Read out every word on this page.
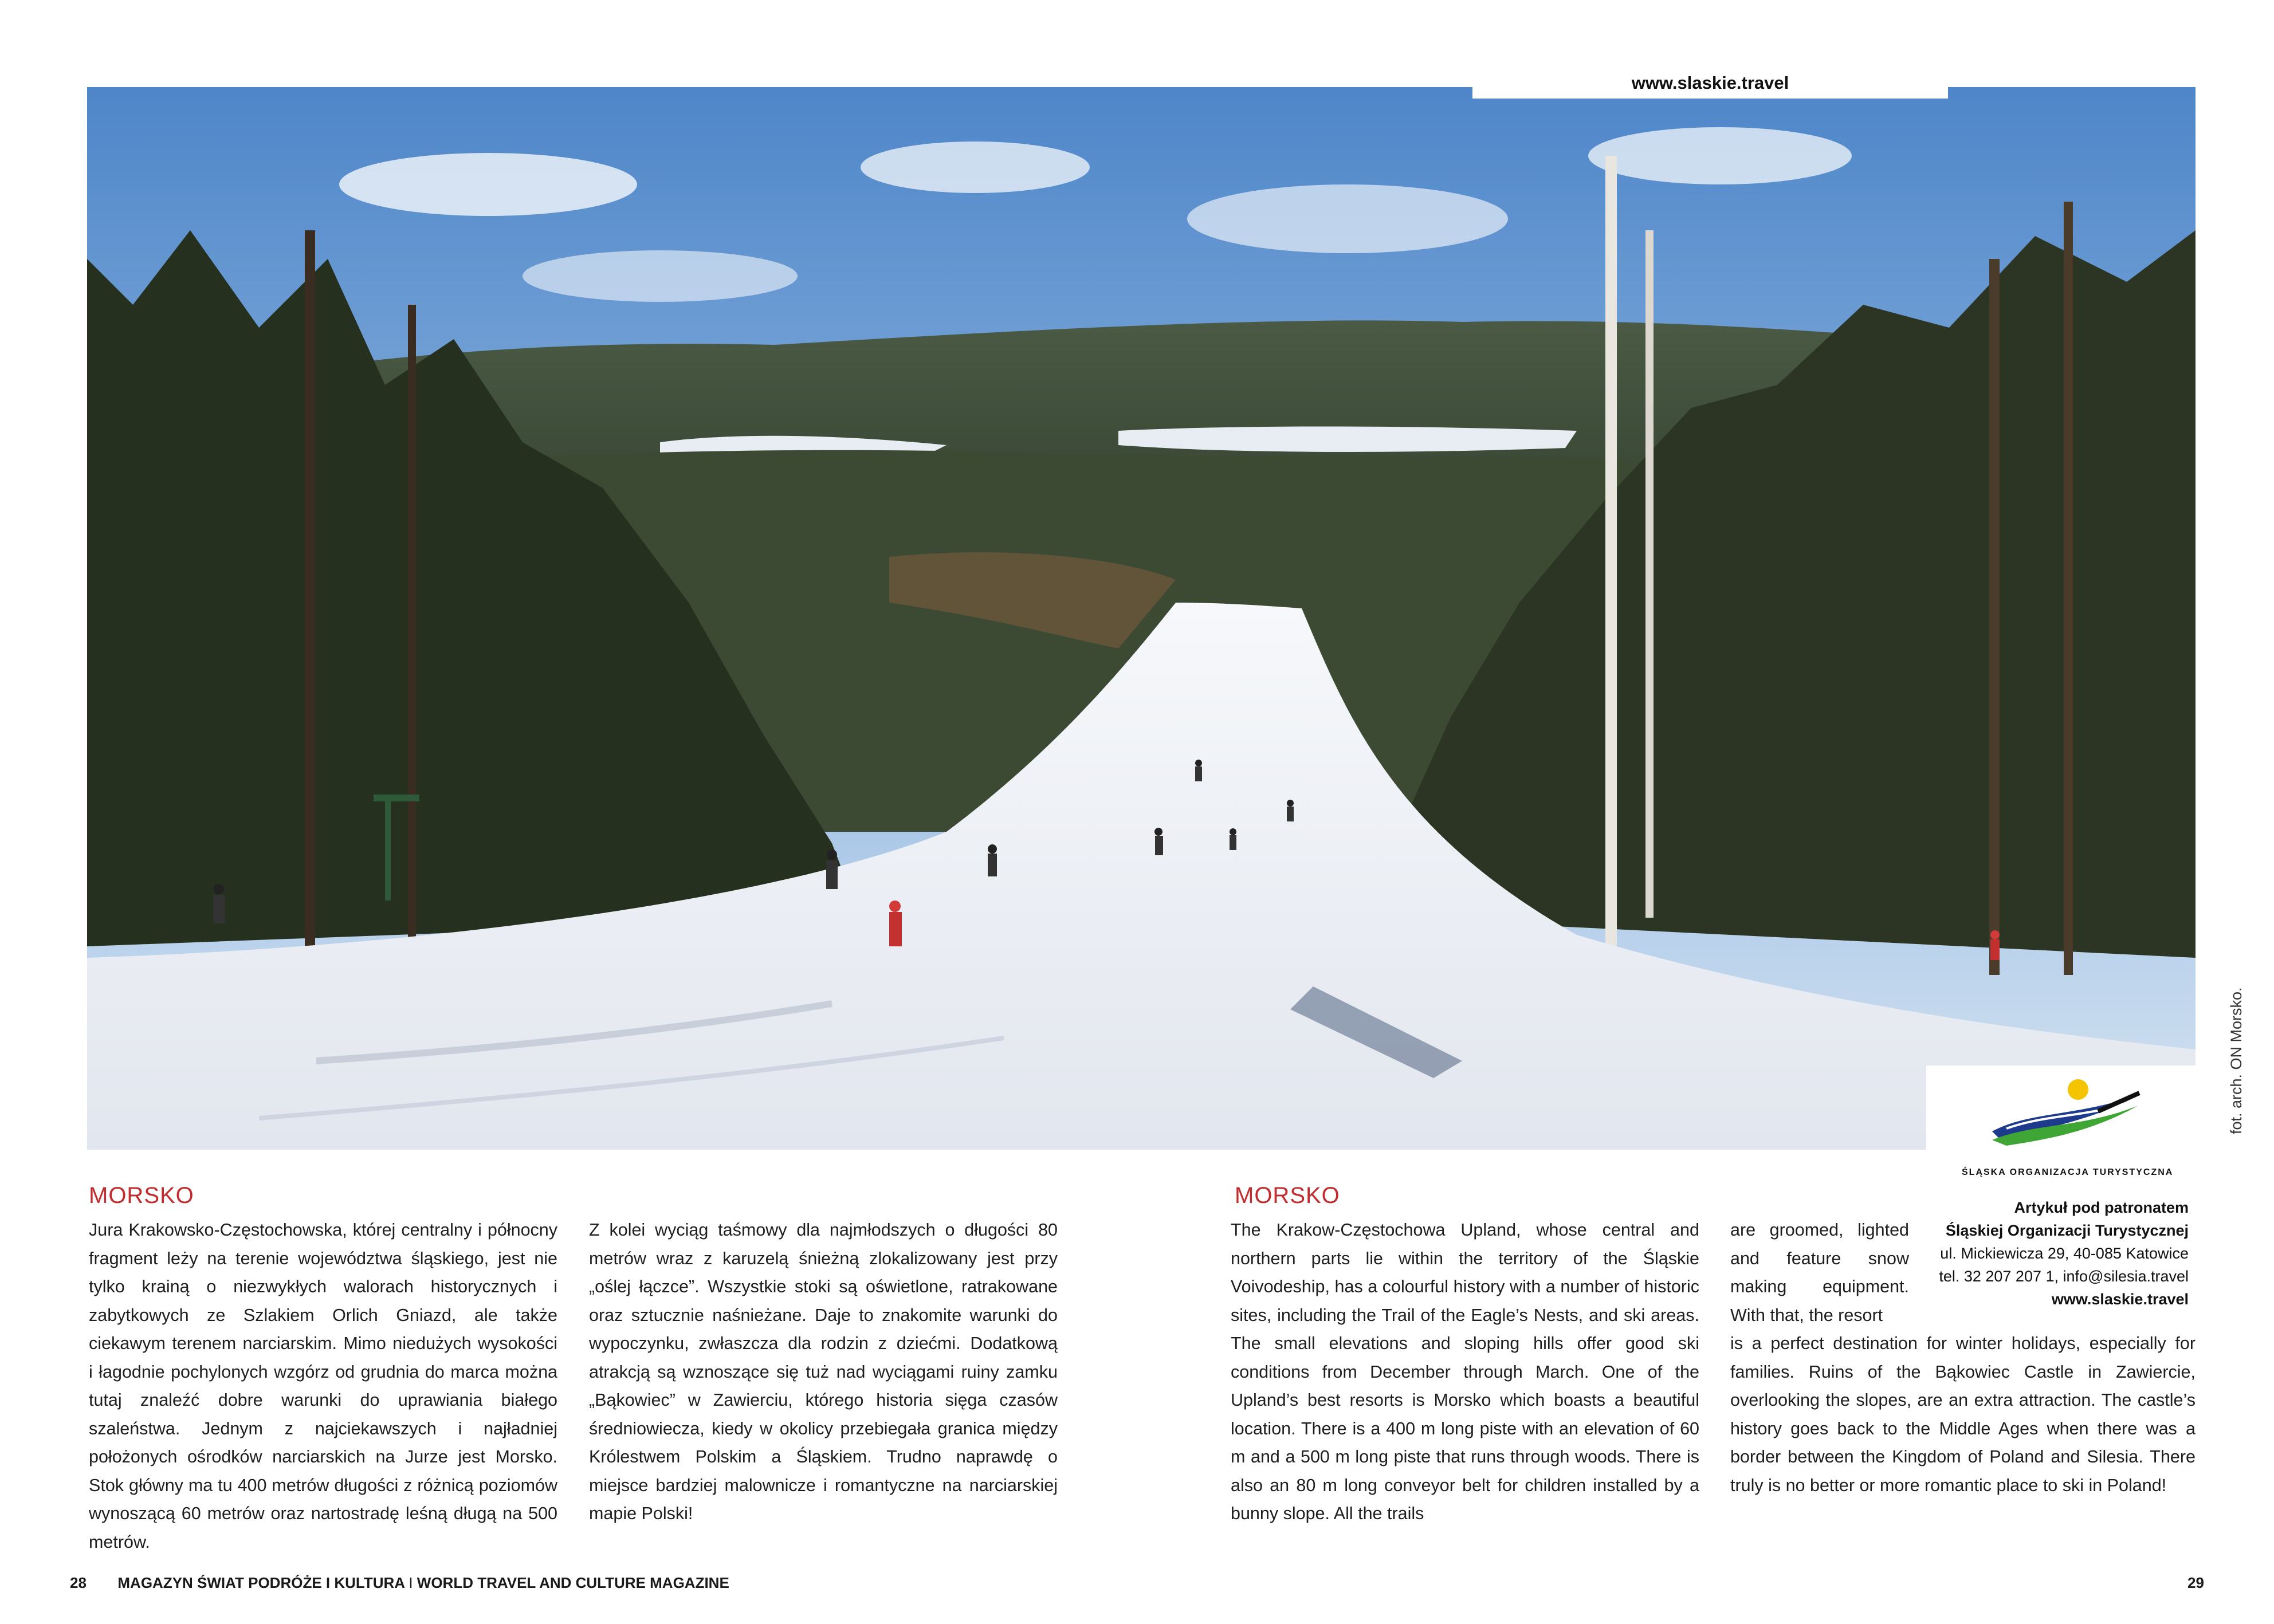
www.slaskie.travel
fot. arch. ON Morsko.
ŚLĄSKA ORGANIZACJA TURYSTYCZNA
Artykuł pod patronatem
Śląskiej Organizacji Turystycznej
ul. Mickiewicza 29, 40-085 Katowice
tel. 32 207 207 1, info@silesia.travel
www.slaskie.travel
MORSKO

Jura Krakowsko-Częstochowska, której centralny i północny fragment leży na terenie województwa śląskiego, jest nie tylko krainą o niezwykłych walorach historycznych i zabytkowych ze Szlakiem Orlich Gniazd, ale także ciekawym terenem narciarskim. Mimo niedużych wysokości i łagodnie pochylonych wzgórz od grudnia do marca można tutaj znaleźć dobre warunki do uprawiania białego szaleństwa. Jednym z najciekawszych i najładniej położonych ośrodków narciarskich na Jurze jest Morsko. Stok główny ma tu 400 metrów długości z różnicą poziomów wynoszącą 60 metrów oraz nartostradę leśną długą na 500 metrów.

Z kolei wyciąg taśmowy dla najmłodszych o długości 80 metrów wraz z karuzelą śnieżną zlokalizowany jest przy „oślej łączce”. Wszystkie stoki są oświetlone, ratrakowane oraz sztucznie naśnieżane. Daje to znakomite warunki do wypoczynku, zwłaszcza dla rodzin z dziećmi. Dodatkową atrakcją są wznoszące się tuż nad wyciągami ruiny zamku „Bąkowiec” w Zawierciu, którego historia sięga czasów średniowiecza, kiedy w okolicy przebiegała granica między Królestwem Polskim a Śląskiem. Trudno naprawdę o miejsce bardziej malownicze i romantyczne na narciarskiej mapie Polski!

MORSKO

The Krakow-Częstochowa Upland, whose central and northern parts lie within the territory of the Śląskie Voivodeship, has a colourful history with a number of historic sites, including the Trail of the Eagle’s Nests, and ski areas. The small elevations and sloping hills offer good ski conditions from December through March. One of the Upland’s best resorts is Morsko which boasts a beautiful location. There is a 400 m long piste with an elevation of 60 m and a 500 m long piste that runs through woods. There is also an 80 m long conveyor belt for children installed by a bunny slope. All the trails

are groomed, lighted and feature snow making equipment. With that, the resort

is a perfect destination for winter holidays, especially for families. Ruins of the Bąkowiec Castle in Zawiercie, overlooking the slopes, are an extra attraction. The castle’s history goes back to the Middle Ages when there was a border between the Kingdom of Poland and Silesia. There truly is no better or more romantic place to ski in Poland!

28 MAGAZYN ŚWIAT PODRÓŻE I KULTURA I WORLD TRAVEL AND CULTURE MAGAZINE	29
